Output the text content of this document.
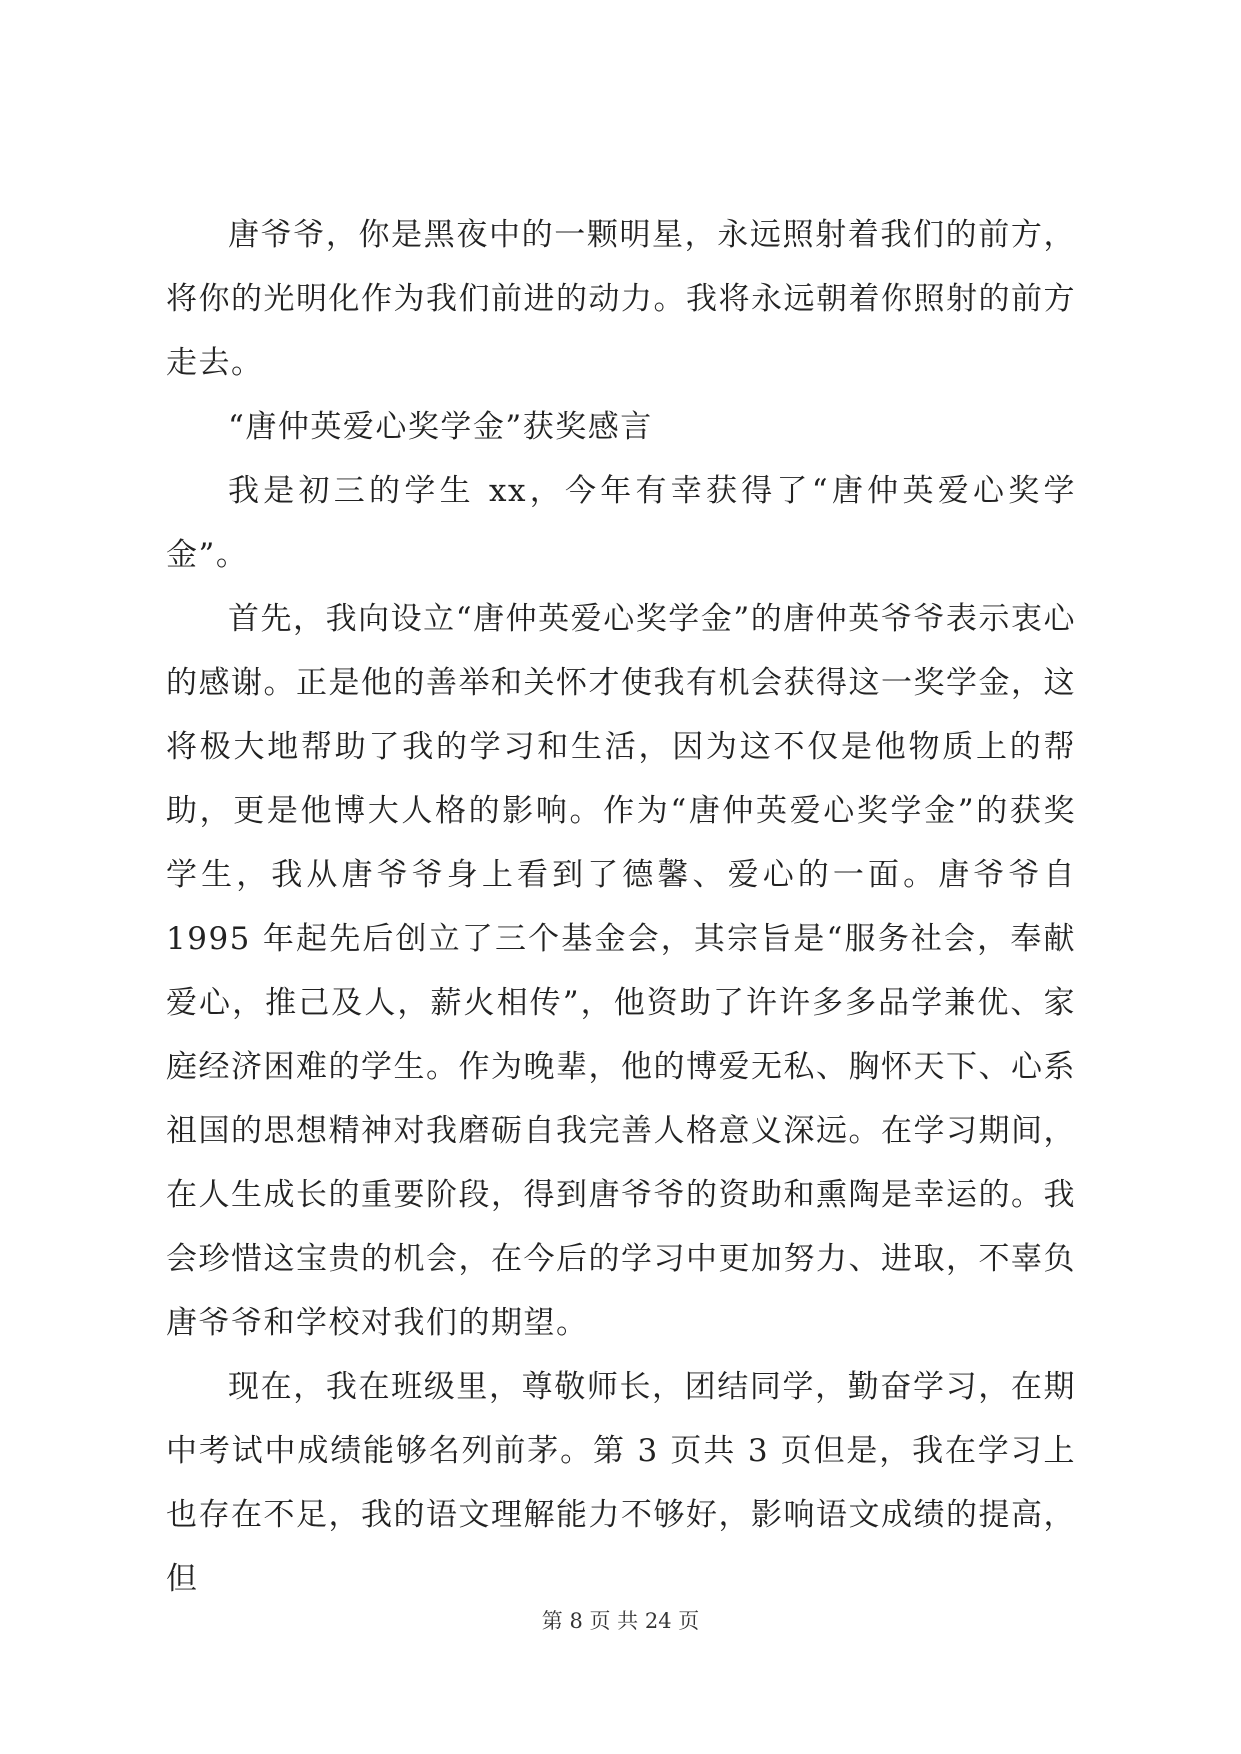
唐爷爷，你是黑夜中的一颗明星，永远照射着我们的前方，将你的光明化作为我们前进的动力。我将永远朝着你照射的前方走去。

“唐仲英爱心奖学金”获奖感言

我是初三的学生 xx，今年有幸获得了“唐仲英爱心奖学金”。

首先，我向设立“唐仲英爱心奖学金”的唐仲英爷爷表示衷心的感谢。正是他的善举和关怀才使我有机会获得这一奖学金，这将极大地帮助了我的学习和生活，因为这不仅是他物质上的帮助，更是他博大人格的影响。作为“唐仲英爱心奖学金”的获奖学生，我从唐爷爷身上看到了德馨、爱心的一面。唐爷爷自 1995 年起先后创立了三个基金会，其宗旨是“服务社会，奉献爱心，推己及人，薪火相传”，他资助了许许多多品学兼优、家庭经济困难的学生。作为晚辈，他的博爱无私、胸怀天下、心系祖国的思想精神对我磨砺自我完善人格意义深远。在学习期间，在人生成长的重要阶段，得到唐爷爷的资助和熏陶是幸运的。我会珍惜这宝贵的机会，在今后的学习中更加努力、进取，不辜负唐爷爷和学校对我们的期望。

现在，我在班级里，尊敬师长，团结同学，勤奋学习，在期中考试中成绩能够名列前茅。第 3 页共 3 页但是，我在学习上也存在不足，我的语文理解能力不够好，影响语文成绩的提高，但

第 8 页 共 24 页
